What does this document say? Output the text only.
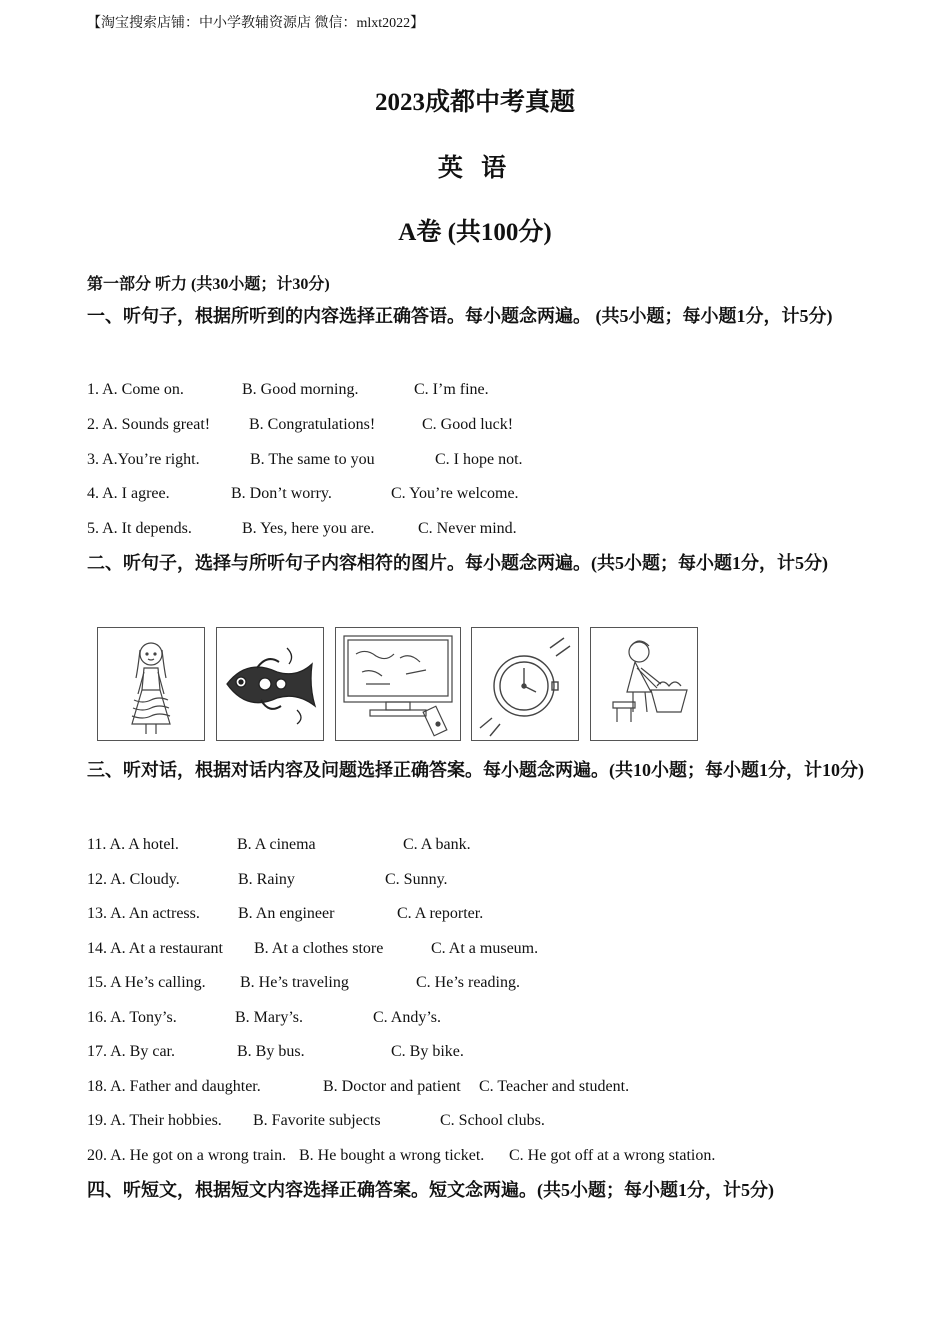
【淘宝搜索店铺：中小学教辅资源店 微信：mlxt2022】
2023成都中考真题
英 语
A卷 (共100分)
第一部分 听力 (共30小题；计30分)
一、听句子，根据所听到的内容选择正确答语。每小题念两遍。 (共5小题；每小题1分，计5分)
1. A. Come on.	B. Good morning.	C. I’m fine.
2. A. Sounds great! B. Congratulations!	C. Good luck!
3. A.You’re right.	B. The same to you	C. I hope not.
4. A. I agree.	B. Don’t worry.	C. You’re welcome.
5. A. It depends.	B. Yes, here you are.	C. Never mind.
二、听句子，选择与所听句子内容相符的图片。每小题念两遍。(共5小题；每小题1分，计5分)
三、听对话，根据对话内容及问题选择正确答案。每小题念两遍。(共10小题；每小题1分，计10分)
11. A. A hotel.	B. A cinema	C. A bank.
12. A. Cloudy.	B. Rainy	C. Sunny.
13. A. An actress. B. An engineer	C. A reporter.
14. A. At a restaurant B. At a clothes store	C. At a museum.
15. A He’s calling. B. He’s traveling	C. He’s reading.
16. A. Tony’s.	B. Mary’s.	C. Andy’s.
17. A. By car.	B. By bus.	C. By bike.
18. A. Father and daughter.	B. Doctor and patient C. Teacher and student.
19. A. Their hobbies. B. Favorite subjects	C. School clubs.
20. A. He got on a wrong train. B. He bought a wrong ticket. C. He got off at a wrong station.
四、听短文，根据短文内容选择正确答案。短文念两遍。(共5小题；每小题1分，计5分)
